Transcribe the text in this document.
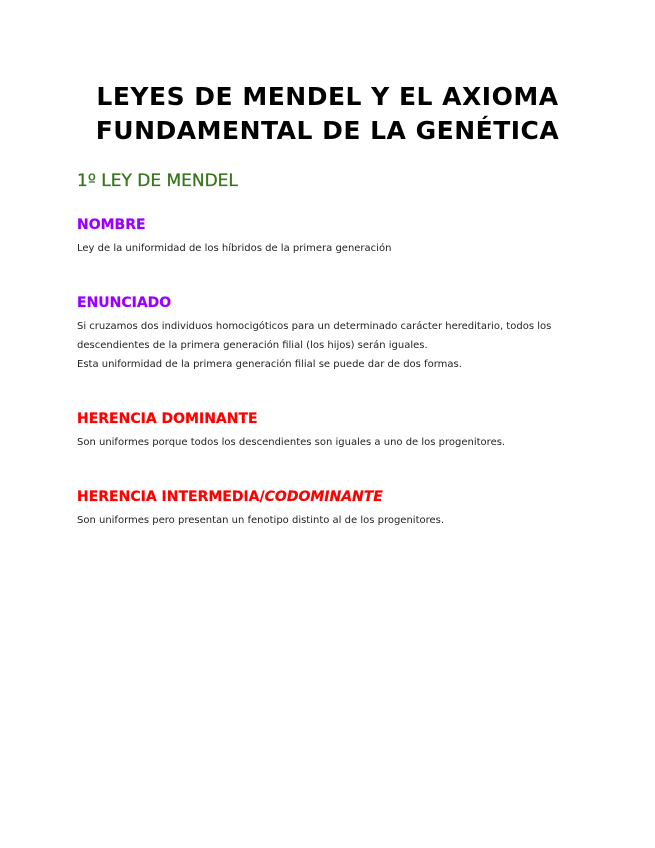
LEYES DE MENDEL Y EL AXIOMA
FUNDAMENTAL DE LA GENÉTICA
1º LEY DE MENDEL
NOMBRE

Ley de la uniformidad de los híbridos de la primera generación

ENUNCIADO

Si cruzamos dos individuos homocigóticos para un determinado carácter hereditario, todos los
descendientes de la primera generación filial (los hijos) serán iguales.
Esta uniformidad de la primera generación filial se puede dar de dos formas.

HERENCIA DOMINANTE

Son uniformes porque todos los descendientes son iguales a uno de los progenitores.

HERENCIA INTERMEDIA/CODOMINANTE

Son uniformes pero presentan un fenotipo distinto al de los progenitores.
